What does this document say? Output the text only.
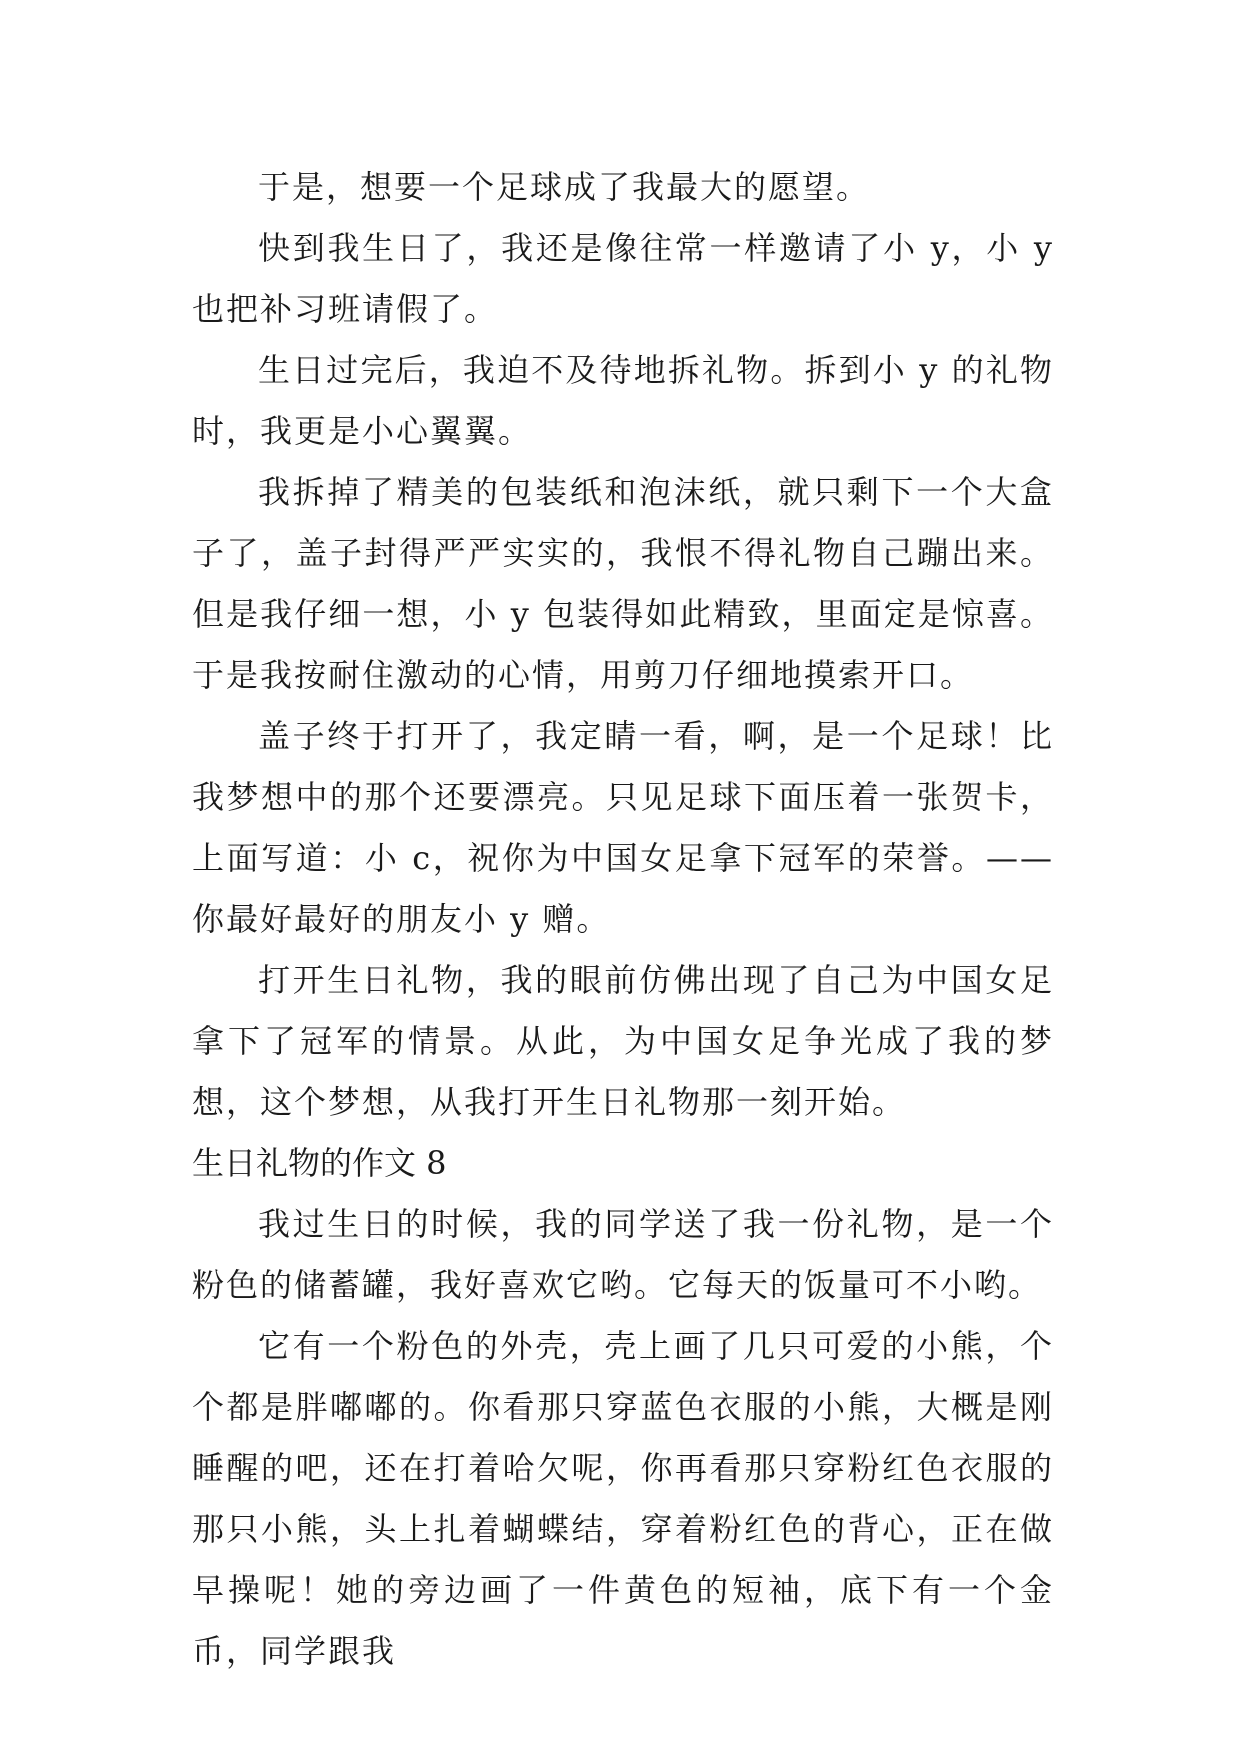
于是，想要一个足球成了我最大的愿望。

快到我生日了，我还是像往常一样邀请了小 y，小 y 也把补习班请假了。

生日过完后，我迫不及待地拆礼物。拆到小 y 的礼物时，我更是小心翼翼。

我拆掉了精美的包装纸和泡沫纸，就只剩下一个大盒子了，盖子封得严严实实的，我恨不得礼物自己蹦出来。但是我仔细一想，小 y 包装得如此精致，里面定是惊喜。于是我按耐住激动的心情，用剪刀仔细地摸索开口。

盖子终于打开了，我定睛一看，啊，是一个足球！比我梦想中的那个还要漂亮。只见足球下面压着一张贺卡，上面写道：小 c，祝你为中国女足拿下冠军的荣誉。——你最好最好的朋友小 y 赠。

打开生日礼物，我的眼前仿佛出现了自己为中国女足拿下了冠军的情景。从此，为中国女足争光成了我的梦想，这个梦想，从我打开生日礼物那一刻开始。

生日礼物的作文 8

我过生日的时候，我的同学送了我一份礼物，是一个粉色的储蓄罐，我好喜欢它哟。它每天的饭量可不小哟。

它有一个粉色的外壳，壳上画了几只可爱的小熊，个个都是胖嘟嘟的。你看那只穿蓝色衣服的小熊，大概是刚睡醒的吧，还在打着哈欠呢，你再看那只穿粉红色衣服的那只小熊，头上扎着蝴蝶结，穿着粉红色的背心，正在做早操呢！她的旁边画了一件黄色的短袖，底下有一个金币，同学跟我
